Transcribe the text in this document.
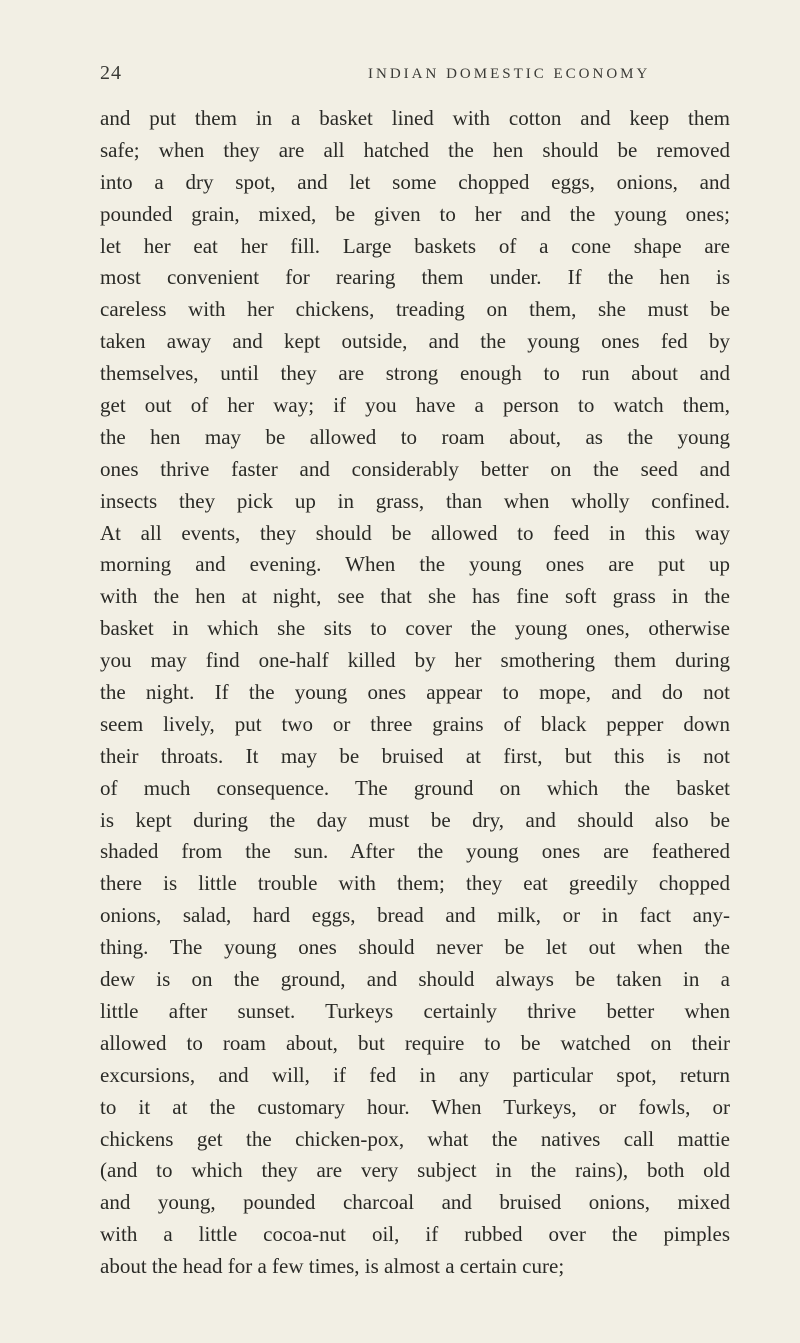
24	INDIAN DOMESTIC ECONOMY
and put them in a basket lined with cotton and keep them
safe; when they are all hatched the hen should be removed
into a dry spot, and let some chopped eggs, onions, and
pounded grain, mixed, be given to her and the young ones;
let her eat her fill. Large baskets of a cone shape are
most convenient for rearing them under. If the hen is
careless with her chickens, treading on them, she must be
taken away and kept outside, and the young ones fed by
themselves, until they are strong enough to run about and
get out of her way; if you have a person to watch them,
the hen may be allowed to roam about, as the young
ones thrive faster and considerably better on the seed and
insects they pick up in grass, than when wholly confined.
At all events, they should be allowed to feed in this way
morning and evening. When the young ones are put up
with the hen at night, see that she has fine soft grass in the
basket in which she sits to cover the young ones, otherwise
you may find one-half killed by her smothering them during
the night. If the young ones appear to mope, and do not
seem lively, put two or three grains of black pepper down
their throats. It may be bruised at first, but this is not
of much consequence. The ground on which the basket
is kept during the day must be dry, and should also be
shaded from the sun. After the young ones are feathered
there is little trouble with them; they eat greedily chopped
onions, salad, hard eggs, bread and milk, or in fact any-
thing. The young ones should never be let out when the
dew is on the ground, and should always be taken in a
little after sunset. Turkeys certainly thrive better when
allowed to roam about, but require to be watched on their
excursions, and will, if fed in any particular spot, return
to it at the customary hour. When Turkeys, or fowls, or
chickens get the chicken-pox, what the natives call mattie
(and to which they are very subject in the rains), both old
and young, pounded charcoal and bruised onions, mixed
with a little cocoa-nut oil, if rubbed over the pimples
about the head for a few times, is almost a certain cure;
